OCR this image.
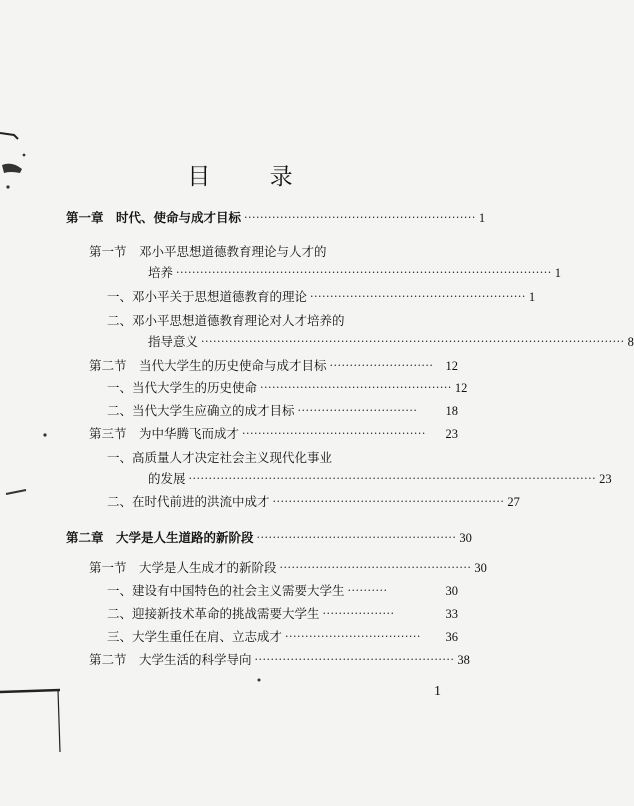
目 录
第一章　时代、使命与成才目标 ·························································· 1
第一节　邓小平思想道德教育理论与人才的
培养 ······························································································ 1
一、邓小平关于思想道德教育的理论 ······················································ 1
二、邓小平思想道德教育理论对人才培养的
指导意义 ·········································································································· 8
第二节　当代大学生的历史使命与成才目标 ·························· 12
一、当代大学生的历史使命 ················································ 12
二、当代大学生应确立的成才目标 ······························	18
第三节　为中华腾飞而成才 ··············································	23
一、高质量人才决定社会主义现代化事业
的发展 ······································································································ 23
二、在时代前进的洪流中成才 ·························································· 27
第二章　大学是人生道路的新阶段 ·················································· 30
第一节　大学是人生成才的新阶段 ················································ 30
一、建设有中国特色的社会主义需要大学生 ··········	30
二、迎接新技术革命的挑战需要大学生 ··················	33
三、大学生重任在肩、立志成才 ··································	36
第二节　大学生活的科学导向 ·················································· 38
1
